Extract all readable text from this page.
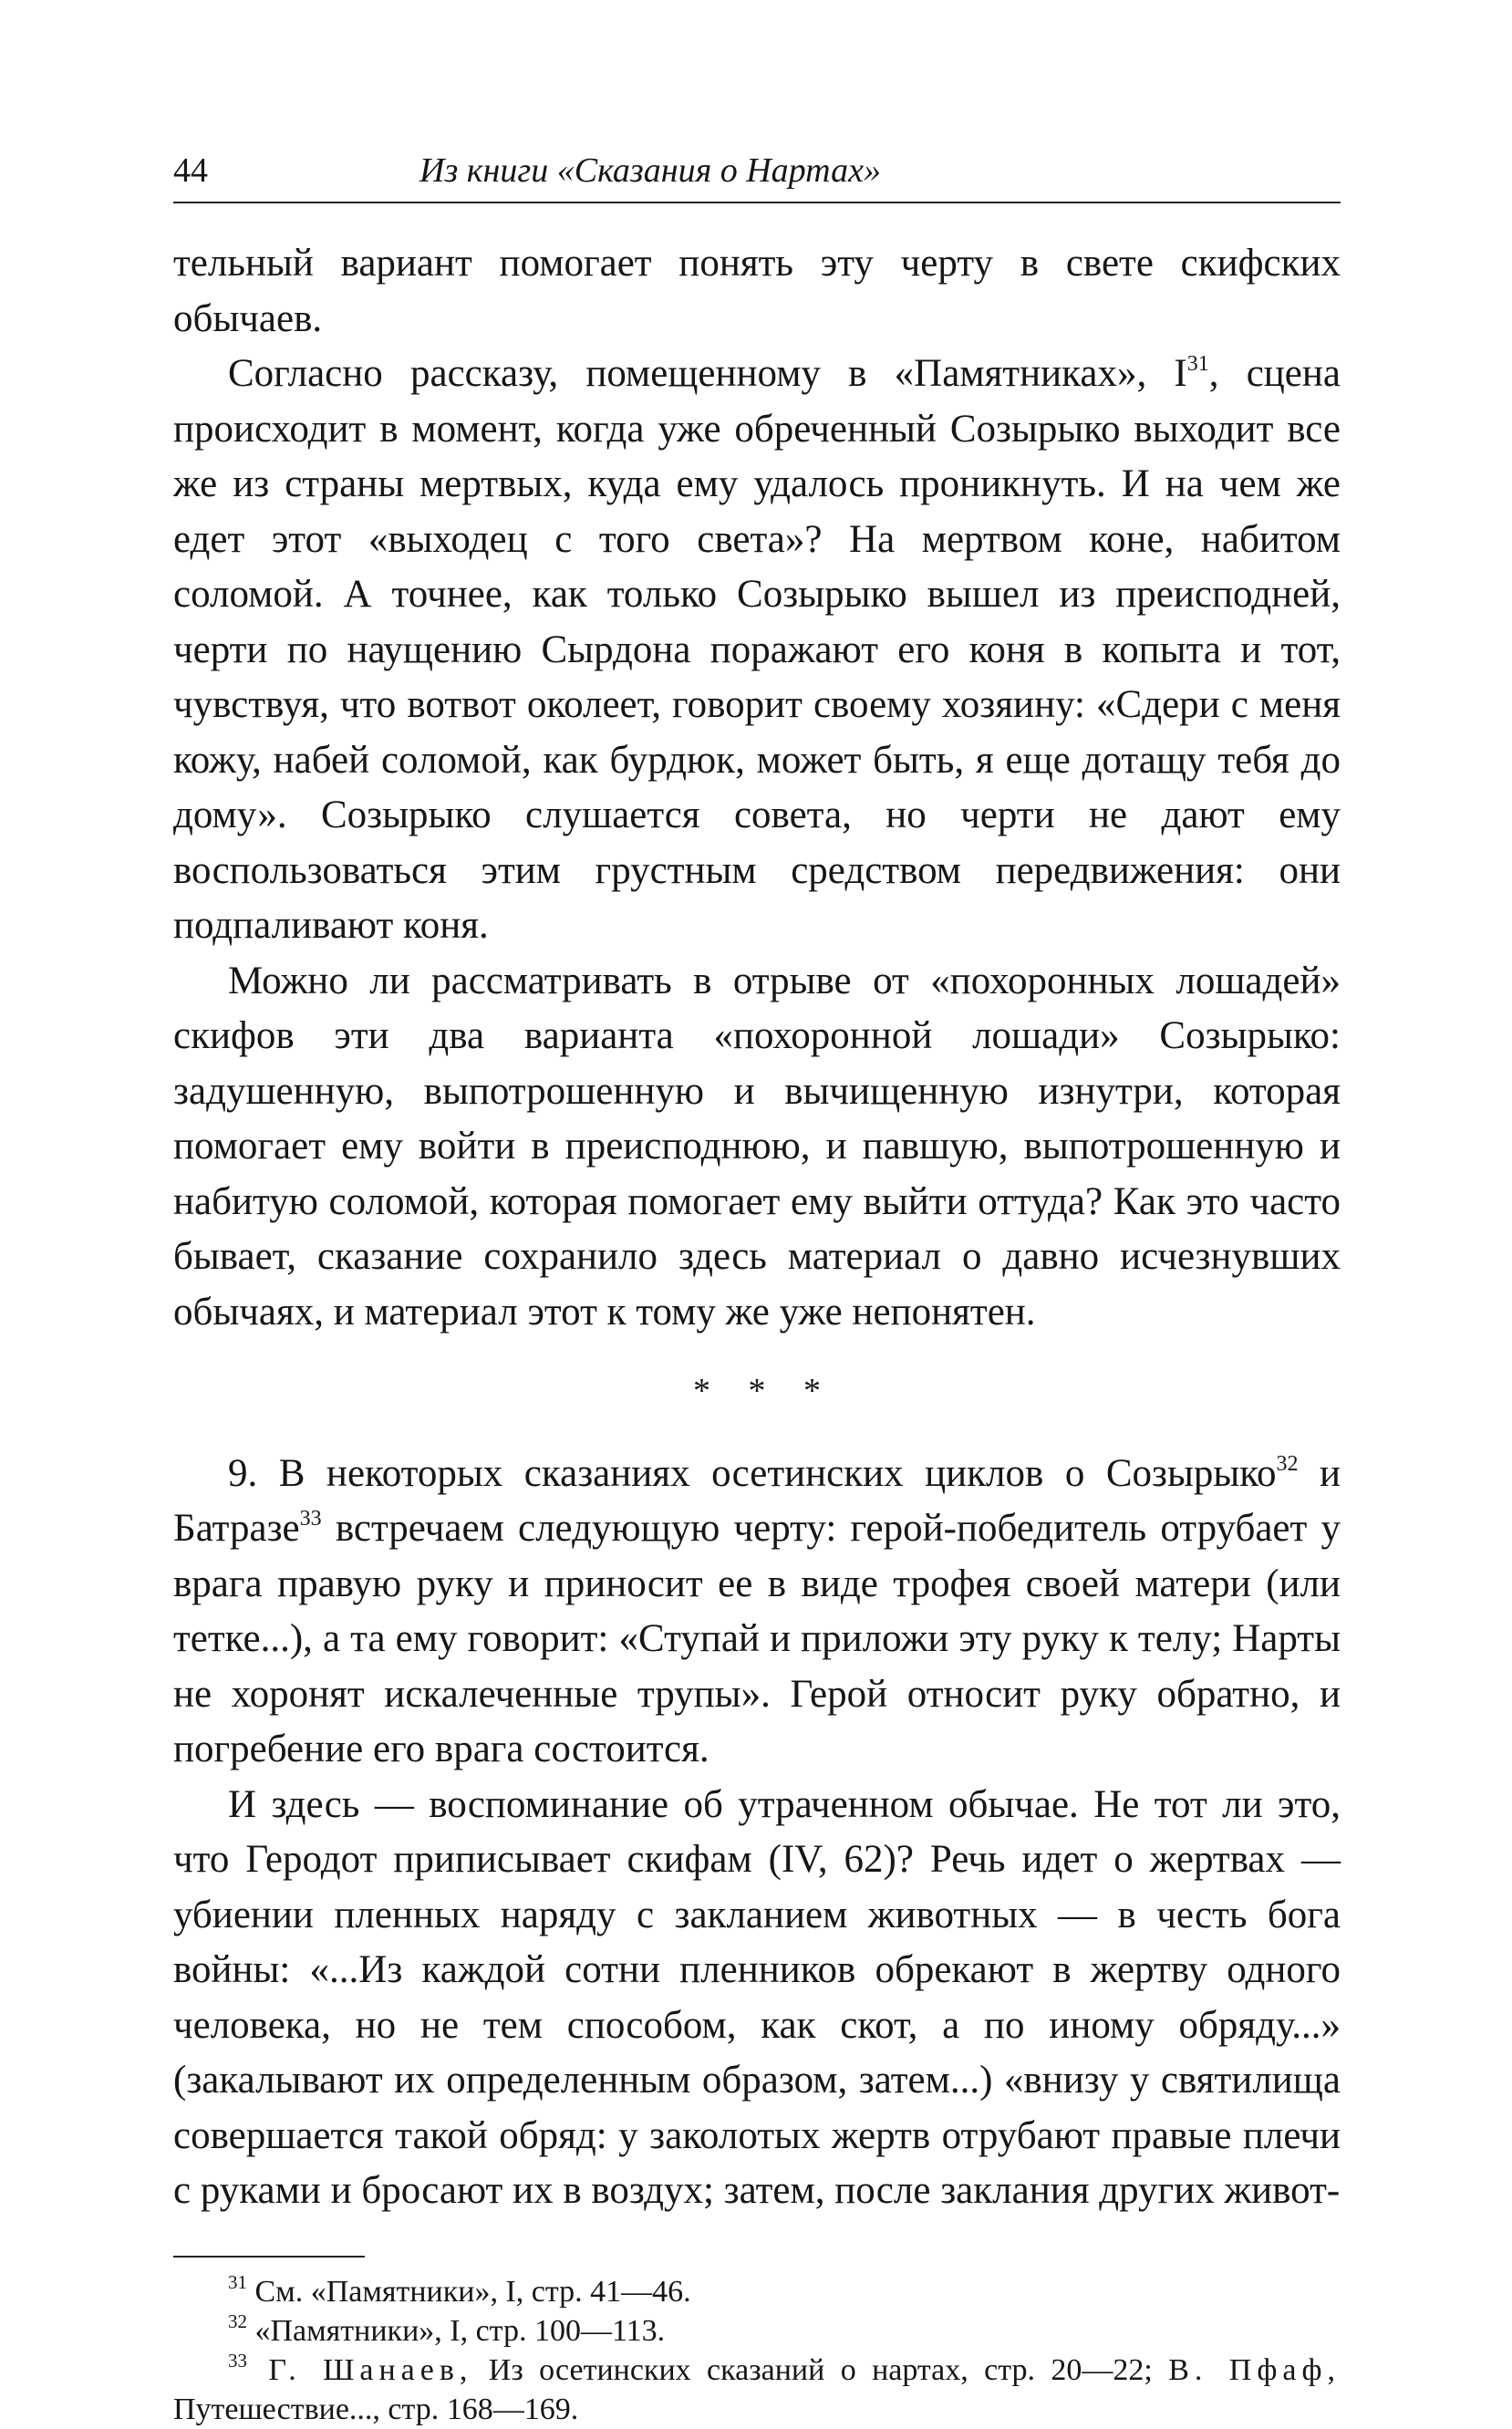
44	Из книги «Сказания о Нартах»

тельный вариант помогает понять эту черту в свете скифских обычаев.

Согласно рассказу, помещенному в «Памятниках», $I^{31}$, сцена происходит в момент, когда уже обреченный Созырыко выходит все же из страны мертвых, куда ему удалось проникнуть. И на чем же едет этот «выходец с того света»? На мертвом коне, набитом соломой. А точнее, как только Созырыко вышел из преисподней, черти по наущению Сырдона поражают его коня в копыта и тот, чувствуя, что вотвот околеет, говорит своему хозяину: «Сдери с меня кожу, набей соломой, как бурдюк, может быть, я еще дотащу тебя до дому». Созырыко слушается совета, но черти не дают ему воспользоваться этим грустным средством передвижения: они подпаливают коня.

Можно ли рассматривать в отрыве от «похоронных лошадей» скифов эти два варианта «похоронной лошади» Созырыко: задушенную, выпотрошенную и вычищенную изнутри, которая помогает ему войти в преисподнюю, и павшую, выпотрошенную и набитую соломой, которая помогает ему выйти оттуда? Как это часто бывает, сказание сохранило здесь материал о давно исчезнувших обычаях, и материал этот к тому же уже непонятен.

* * *

9. В некоторых сказаниях осетинских циклов о Созырыко$^{32}$ и Батразе$^{33}$ встречаем следующую черту: герой-победитель отрубает у врага правую руку и приносит ее в виде трофея своей матери (или тетке...), а та ему говорит: «Ступай и приложи эту руку к телу; Нарты не хоронят искалеченные трупы». Герой относит руку обратно, и погребение его врага состоится.

И здесь — воспоминание об утраченном обычае. Не тот ли это, что Геродот приписывает скифам (IV, 62)? Речь идет о жертвах — убиении пленных наряду с закланием животных — в честь бога войны: «...Из каждой сотни пленников обрекают в жертву одного человека, но не тем способом, как скот, а по иному обряду...» (закалывают их определенным образом, затем...) «внизу у святилища совершается такой обряд: у заколотых жертв отрубают правые плечи с руками и бросают их в воздух; затем, после заклания других живот-

$^{31}$ См. «Памятники», I, стр. 41—46.

$^{32}$ «Памятники», I, стр. 100—113.

$^{33}$ Г. Шанаев, Из осетинских сказаний о нартах, стр. 20—22; В. Пфаф, Путешествие..., стр. 168—169.
